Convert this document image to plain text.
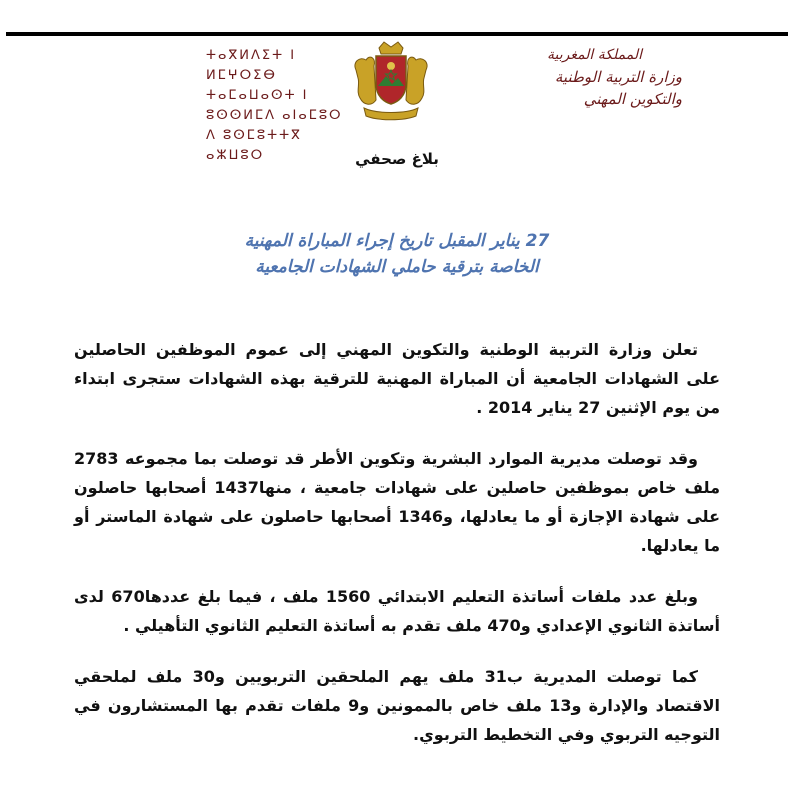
ⵜⴰⴳⵍⴷⵉⵜ ⵏ ⵍⵎⵖⵔⵉⴱ
ⵜⴰⵎⴰⵡⴰⵙⵜ ⵏ ⵓⵙⵙⵍⵎⴷ ⴰⵏⴰⵎⵓⵔ
ⴷ ⵓⵙⵎⵓⵜⵜⴳ ⴰⵣⵡⵓⵔ
المملكة المغربية
وزارة التربية الوطنية
والتكوين المهني
بلاغ صحفي
27 يناير المقبل تاريخ إجراء المباراة المهنية
الخاصة بترقية حاملي الشهادات الجامعية

تعلن وزارة التربية الوطنية والتكوين المهني إلى عموم الموظفين الحاصلين على الشهادات الجامعية أن المباراة المهنية للترقية بهذه الشهادات ستجرى ابتداء من يوم الإثنين 27 يناير 2014 .

وقد توصلت مديرية الموارد البشرية وتكوين الأطر قد توصلت بما مجموعه 2783 ملف خاص بموظفين حاصلين على شهادات جامعية ، منها1437 أصحابها حاصلون على شهادة الإجازة أو ما يعادلها، و1346 أصحابها حاصلون على شهادة الماستر أو ما يعادلها.

وبلغ عدد ملفات أساتذة التعليم الابتدائي 1560 ملف ، فيما بلغ عددها670 لدى أساتذة الثانوي الإعدادي و470 ملف تقدم به أساتذة التعليم الثانوي التأهيلي .

كما توصلت المديرية ب31 ملف يهم الملحقين التربويين و30 ملف لملحقي الاقتصاد والإدارة و13 ملف خاص بالممونين و9 ملفات تقدم بها المستشارون في التوجيه التربوي وفي التخطيط التربوي.
